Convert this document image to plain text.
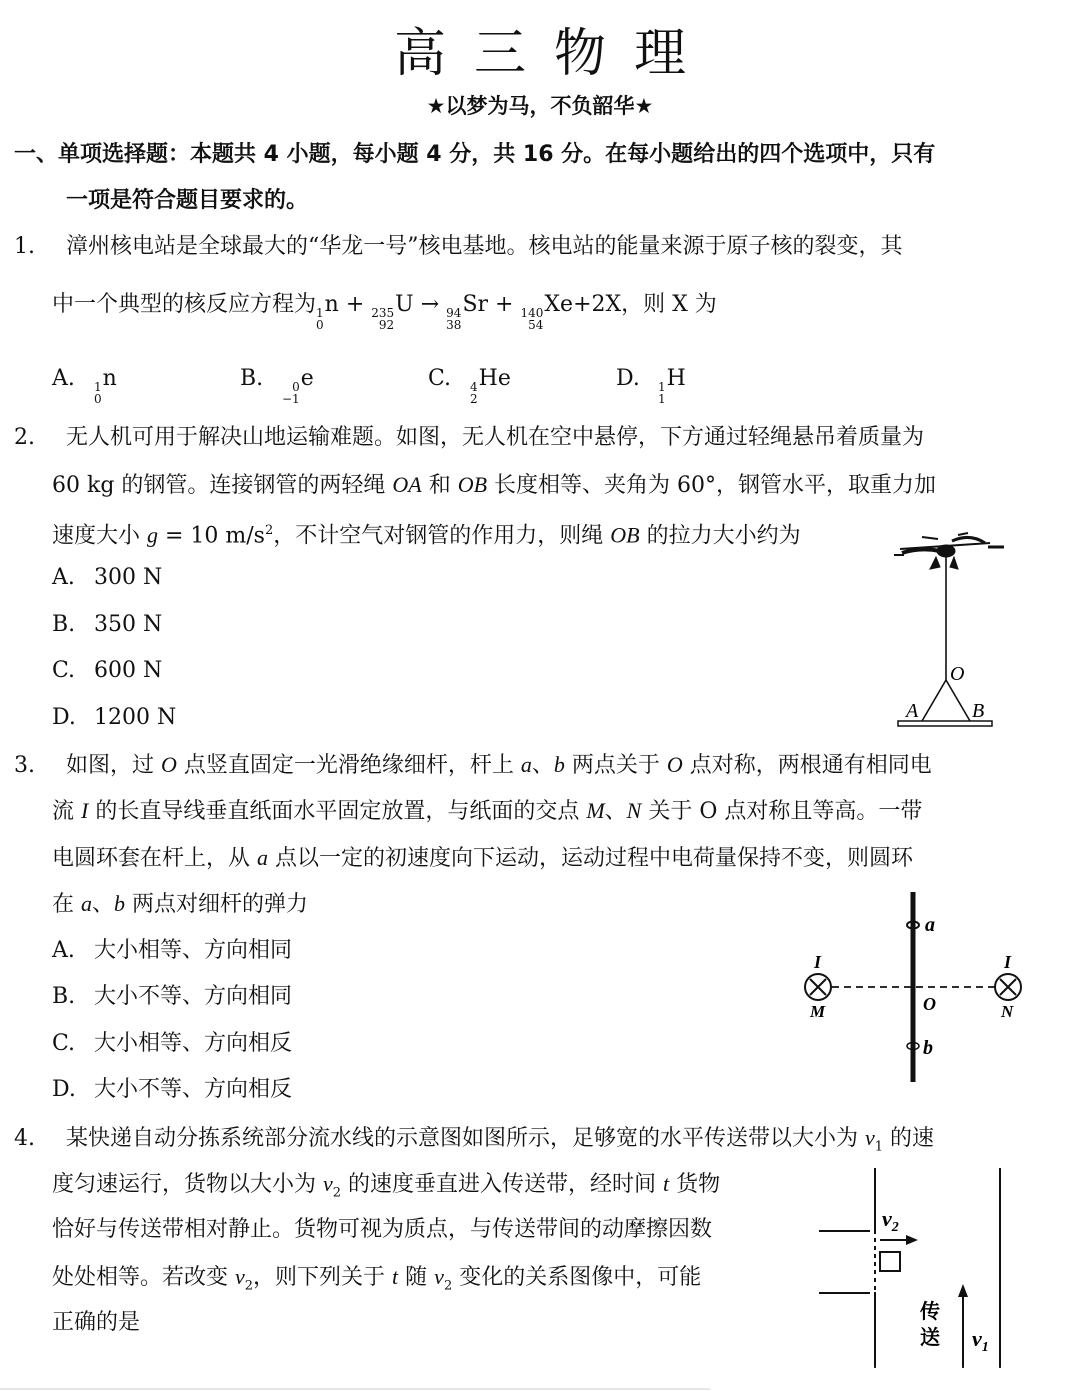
高三物理
★以梦为马，不负韶华★
一、单项选择题：本题共 4 小题，每小题 4 分，共 16 分。在每小题给出的四个选项中，只有
一项是符合题目要求的。
1. 漳州核电站是全球最大的“华龙一号”核电基地。核电站的能量来源于原子核的裂变，其
中一个典型的核反应方程为 1
0
n + 235
92
U → 94
38
Sr + 140
54
Xe+2X，则 X 为
A. 1
0
n	B. 0
−1
e	C. 4
2
He	D. 1
1
H
2. 无人机可用于解决山地运输难题。如图，无人机在空中悬停，下方通过轻绳悬吊着质量为
60 kg 的钢管。连接钢管的两轻绳 OA 和 OB 长度相等、夹角为 60°，钢管水平，取重力加
速度大小 g = 10 $m/s^2$，不计空气对钢管的作用力，则绳 OB 的拉力大小约为
A. 300 N
B. 350 N
C. 600 N
D. 1200 N
O
A	B
3. 如图，过 O 点竖直固定一光滑绝缘细杆，杆上 a、b 两点关于 O 点对称，两根通有相同电
流 I 的长直导线垂直纸面水平固定放置，与纸面的交点 M、N 关于 O 点对称且等高。一带
电圆环套在杆上，从 a 点以一定的初速度向下运动，运动过程中电荷量保持不变，则圆环
在 a、b 两点对细杆的弹力
A. 大小相等、方向相同
B. 大小不等、方向相同
C. 大小相等、方向相反
D. 大小不等、方向相反
a
b
O
I	I
M	N
4. 某快递自动分拣系统部分流水线的示意图如图所示，足够宽的水平传送带以大小为 $v_1$ 的速
度匀速运行，货物以大小为 $v_2$ 的速度垂直进入传送带，经时间 t 货物
恰好与传送带相对静止。货物可视为质点，与传送带间的动摩擦因数
处处相等。若改变 $v_2$，则下列关于 t 随 $v_2$ 变化的关系图像中，可能
正确的是
$v_2$
$v_1$
传
送
